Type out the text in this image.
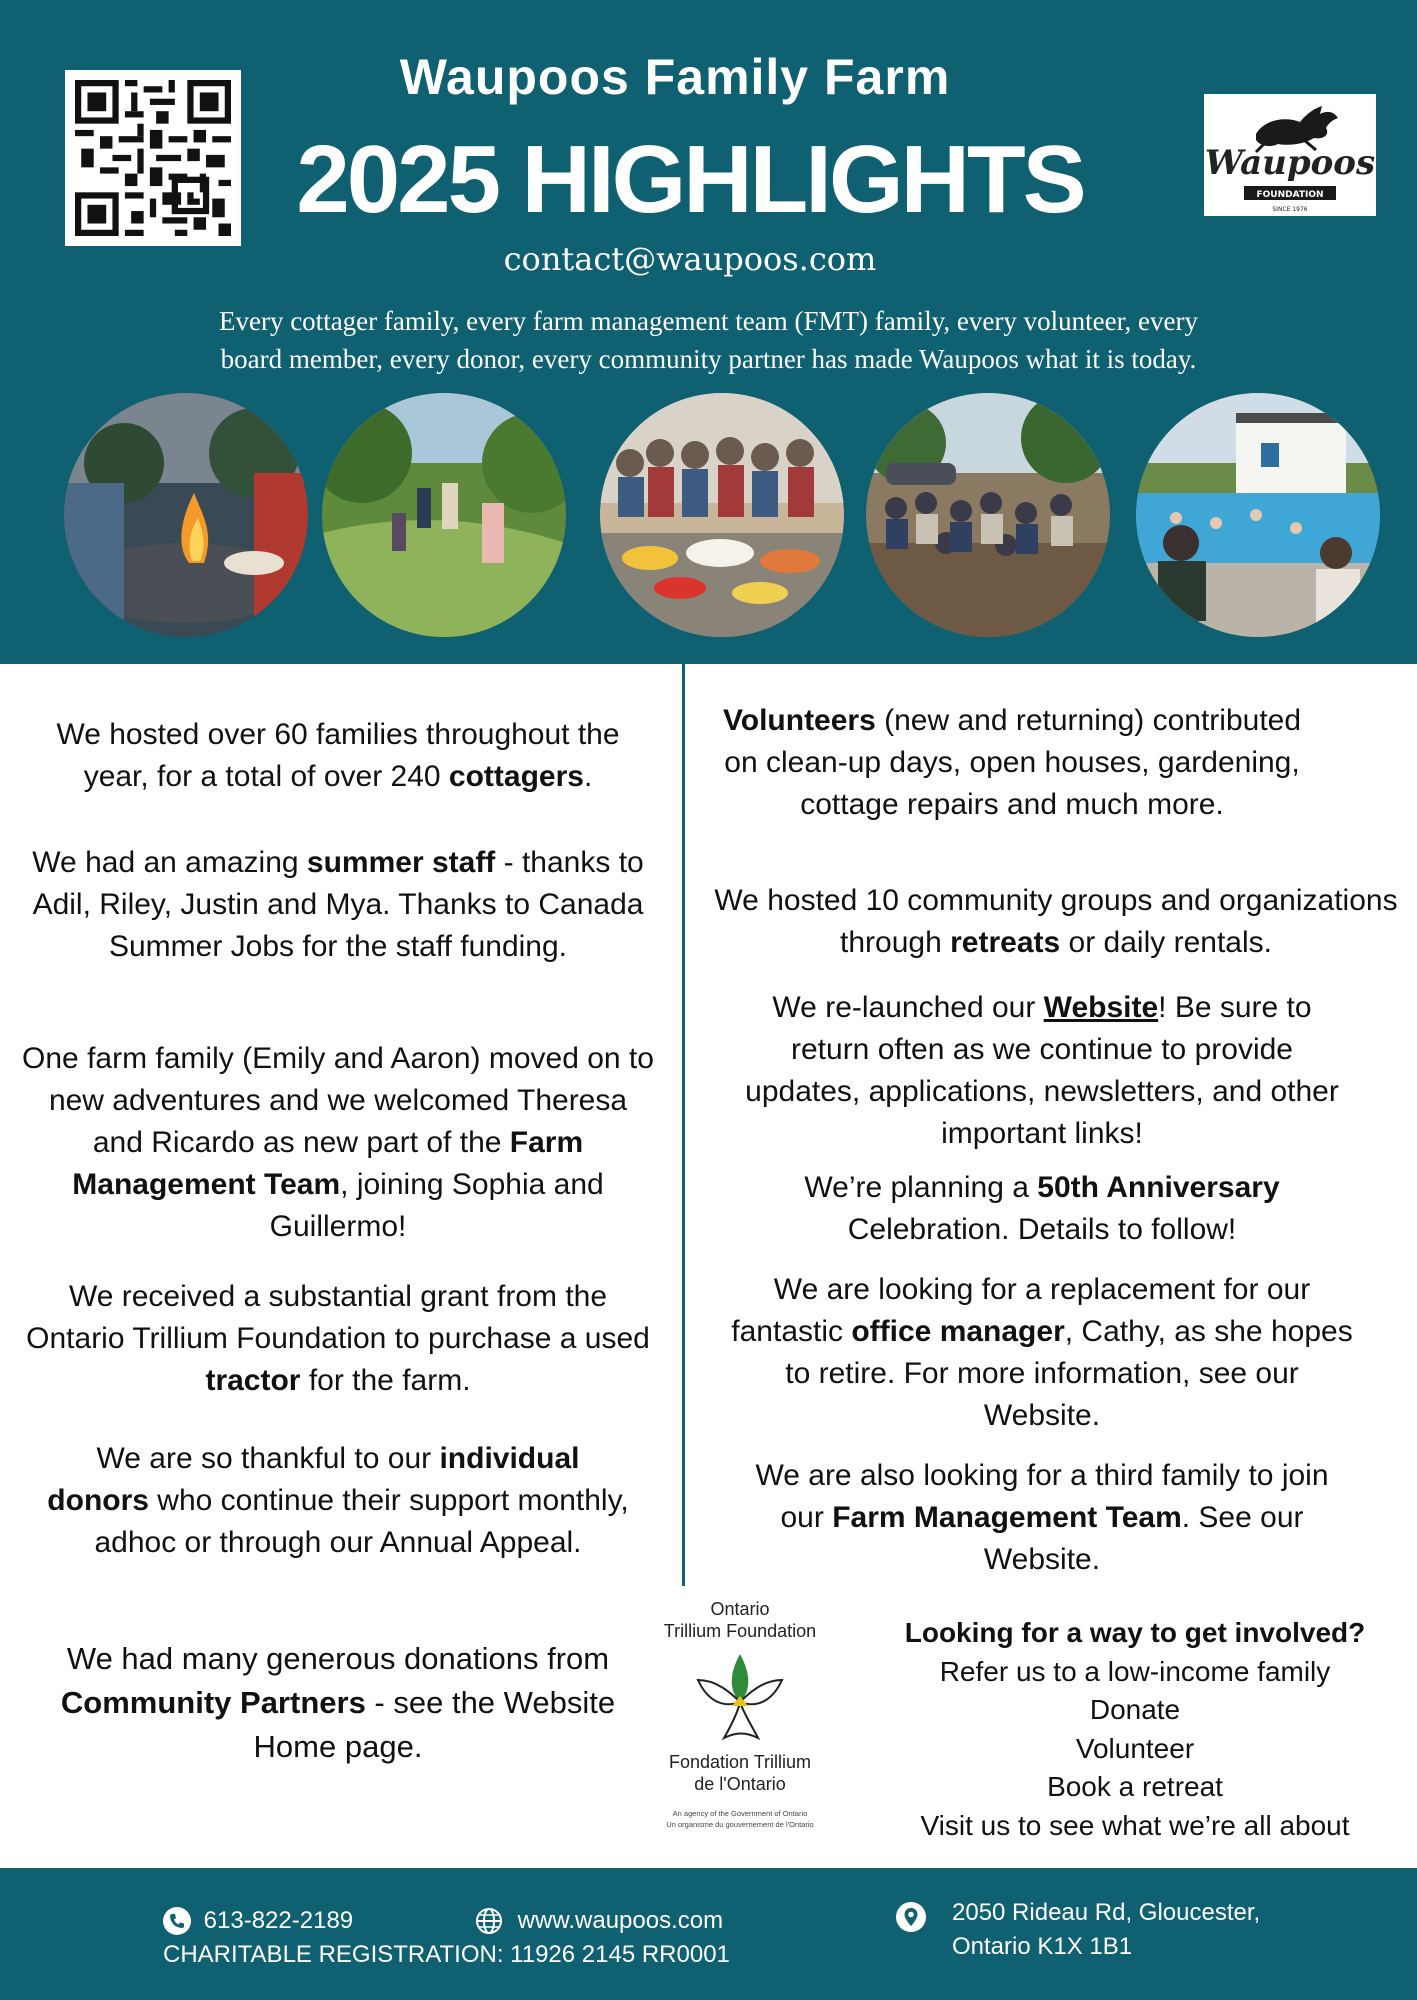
Waupoos Family Farm
2025 HIGHLIGHTS
contact@waupoos.com
Every cottager family, every farm management team (FMT) family, every volunteer, every
board member, every donor, every community partner has made Waupoos what it is today.
Waupoos
FOUNDATION
SINCE 1976

We hosted over 60 families throughout the year, for a total of over 240 cottagers.

We had an amazing summer staff - thanks to Adil, Riley, Justin and Mya. Thanks to Canada Summer Jobs for the staff funding.

One farm family (Emily and Aaron) moved on to new adventures and we welcomed Theresa and Ricardo as new part of the Farm Management Team, joining Sophia and Guillermo!

We received a substantial grant from the Ontario Trillium Foundation to purchase a used tractor for the farm.

We are so thankful to our individual donors who continue their support monthly, adhoc or through our Annual Appeal.

We had many generous donations from Community Partners - see the Website Home page.

Volunteers (new and returning) contributed on clean-up days, open houses, gardening, cottage repairs and much more.

We hosted 10 community groups and organizations through retreats or daily rentals.

We re-launched our Website! Be sure to return often as we continue to provide updates, applications, newsletters, and other important links!

We’re planning a 50th Anniversary Celebration. Details to follow!

We are looking for a replacement for our fantastic office manager, Cathy, as she hopes to retire. For more information, see our Website.

We are also looking for a third family to join our Farm Management Team. See our Website.

Ontario
Trillium Foundation
Fondation Trillium
de l'Ontario
An agency of the Government of Ontario
Un organisme du gouvernement de l'Ontario
Looking for a way to get involved?
Refer us to a low-income family
Donate
Volunteer
Book a retreat
Visit us to see what we’re all about
613-822-2189	www.waupoos.com
CHARITABLE REGISTRATION: 11926 2145 RR0001
2050 Rideau Rd, Gloucester,
Ontario K1X 1B1
